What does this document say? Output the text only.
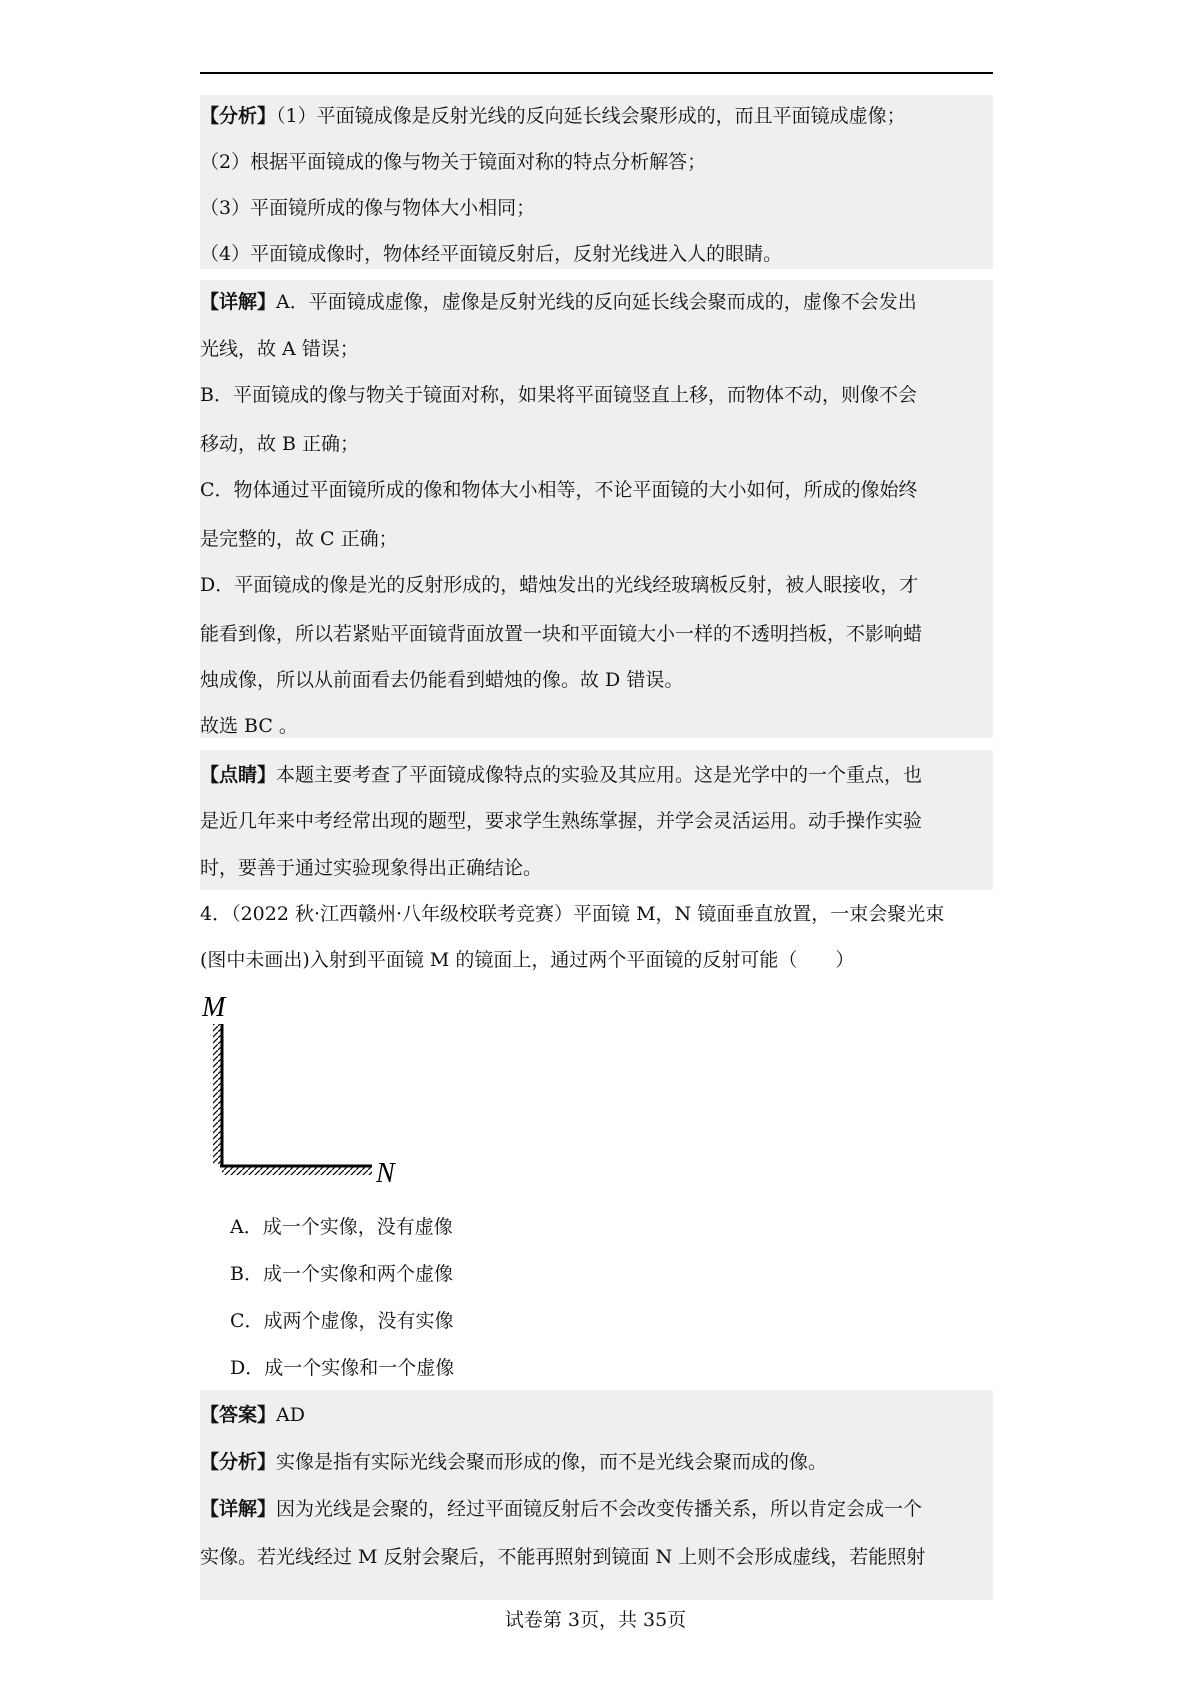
【分析】（1）平面镜成像是反射光线的反向延长线会聚形成的，而且平面镜成虚像；
（2）根据平面镜成的像与物关于镜面对称的特点分析解答；
（3）平面镜所成的像与物体大小相同；
（4）平面镜成像时，物体经平面镜反射后，反射光线进入人的眼睛。
【详解】A．平面镜成虚像，虚像是反射光线的反向延长线会聚而成的，虚像不会发出
光线，故 A 错误；
B．平面镜成的像与物关于镜面对称，如果将平面镜竖直上移，而物体不动，则像不会
移动，故 B 正确；
C．物体通过平面镜所成的像和物体大小相等，不论平面镜的大小如何，所成的像始终
是完整的，故 C 正确；
D．平面镜成的像是光的反射形成的，蜡烛发出的光线经玻璃板反射，被人眼接收，才
能看到像，所以若紧贴平面镜背面放置一块和平面镜大小一样的不透明挡板，不影响蜡
烛成像，所以从前面看去仍能看到蜡烛的像。故 D 错误。
故选 BC 。
【点睛】本题主要考查了平面镜成像特点的实验及其应用。这是光学中的一个重点，也
是近几年来中考经常出现的题型，要求学生熟练掌握，并学会灵活运用。动手操作实验
时，要善于通过实验现象得出正确结论。
4．（2022 秋·江西赣州·八年级校联考竞赛）平面镜 M，N 镜面垂直放置，一束会聚光束
(图中未画出)入射到平面镜 M 的镜面上，通过两个平面镜的反射可能（　　）
M
N
A．成一个实像，没有虚像
B．成一个实像和两个虚像
C．成两个虚像，没有实像
D．成一个实像和一个虚像
【答案】AD
【分析】实像是指有实际光线会聚而形成的像，而不是光线会聚而成的像。
【详解】因为光线是会聚的，经过平面镜反射后不会改变传播关系，所以肯定会成一个
实像。若光线经过 M 反射会聚后，不能再照射到镜面 N 上则不会形成虚线，若能照射
试卷第 3页，共 35页
